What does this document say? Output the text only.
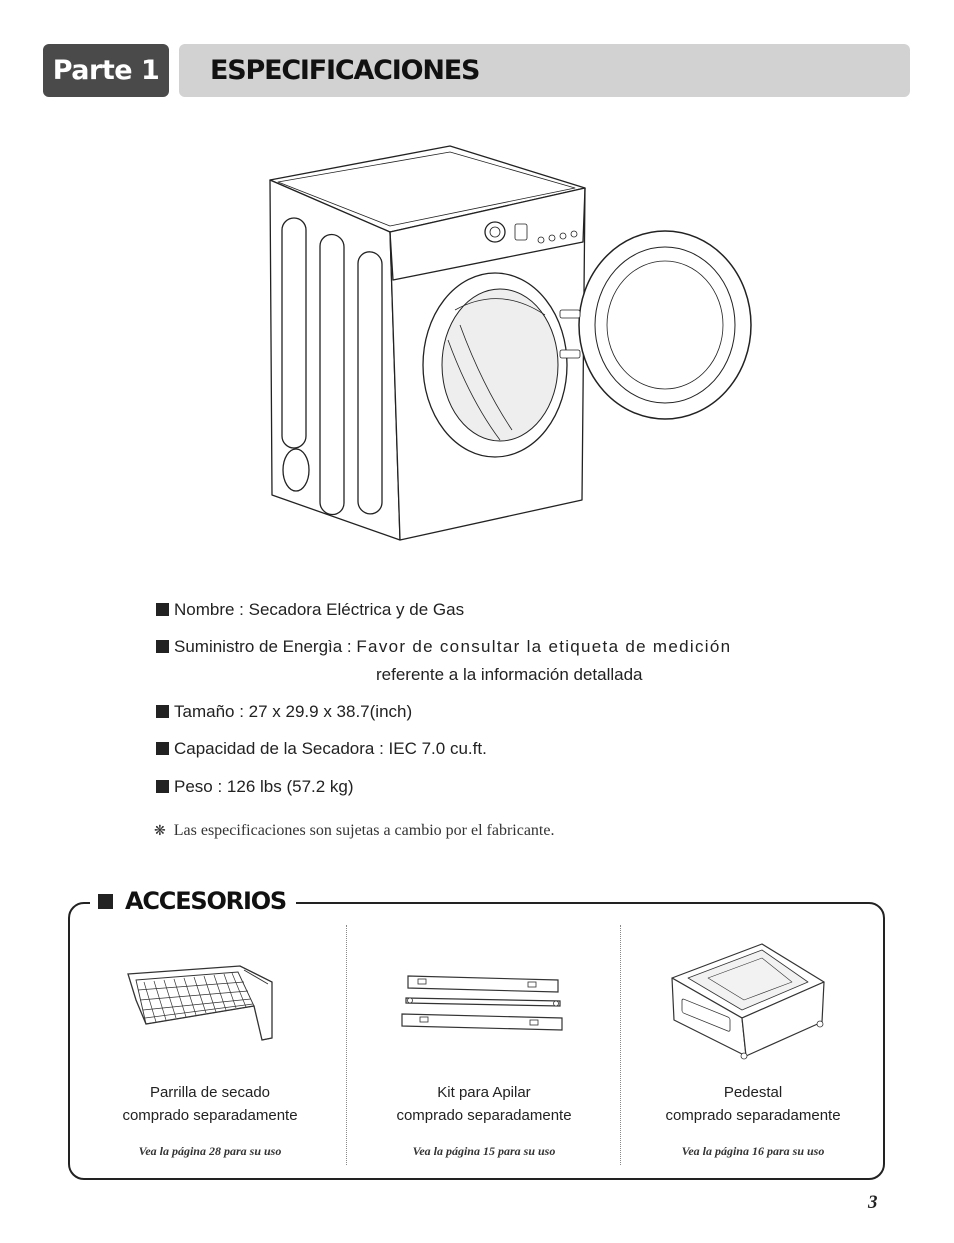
Parte 1 ESPECIFICACIONES
Nombre : Secadora Eléctrica y de Gas
Suministro de Energìa : Favor de consultar la etiqueta de medición
referente a la información detallada
Tamaño : 27 x 29.9 x 38.7(inch)
Capacidad de la Secadora : IEC 7.0 cu.ft.
Peso : 126 lbs (57.2 kg)
❋ Las especificaciones son sujetas a cambio por el fabricante.
ACCESORIOS
Parrilla de secado
comprado separadamente
Vea la página 28 para su uso
Kit para Apilar
comprado separadamente
Vea la página 15 para su uso
Pedestal
comprado separadamente
Vea la página 16 para su uso
3
